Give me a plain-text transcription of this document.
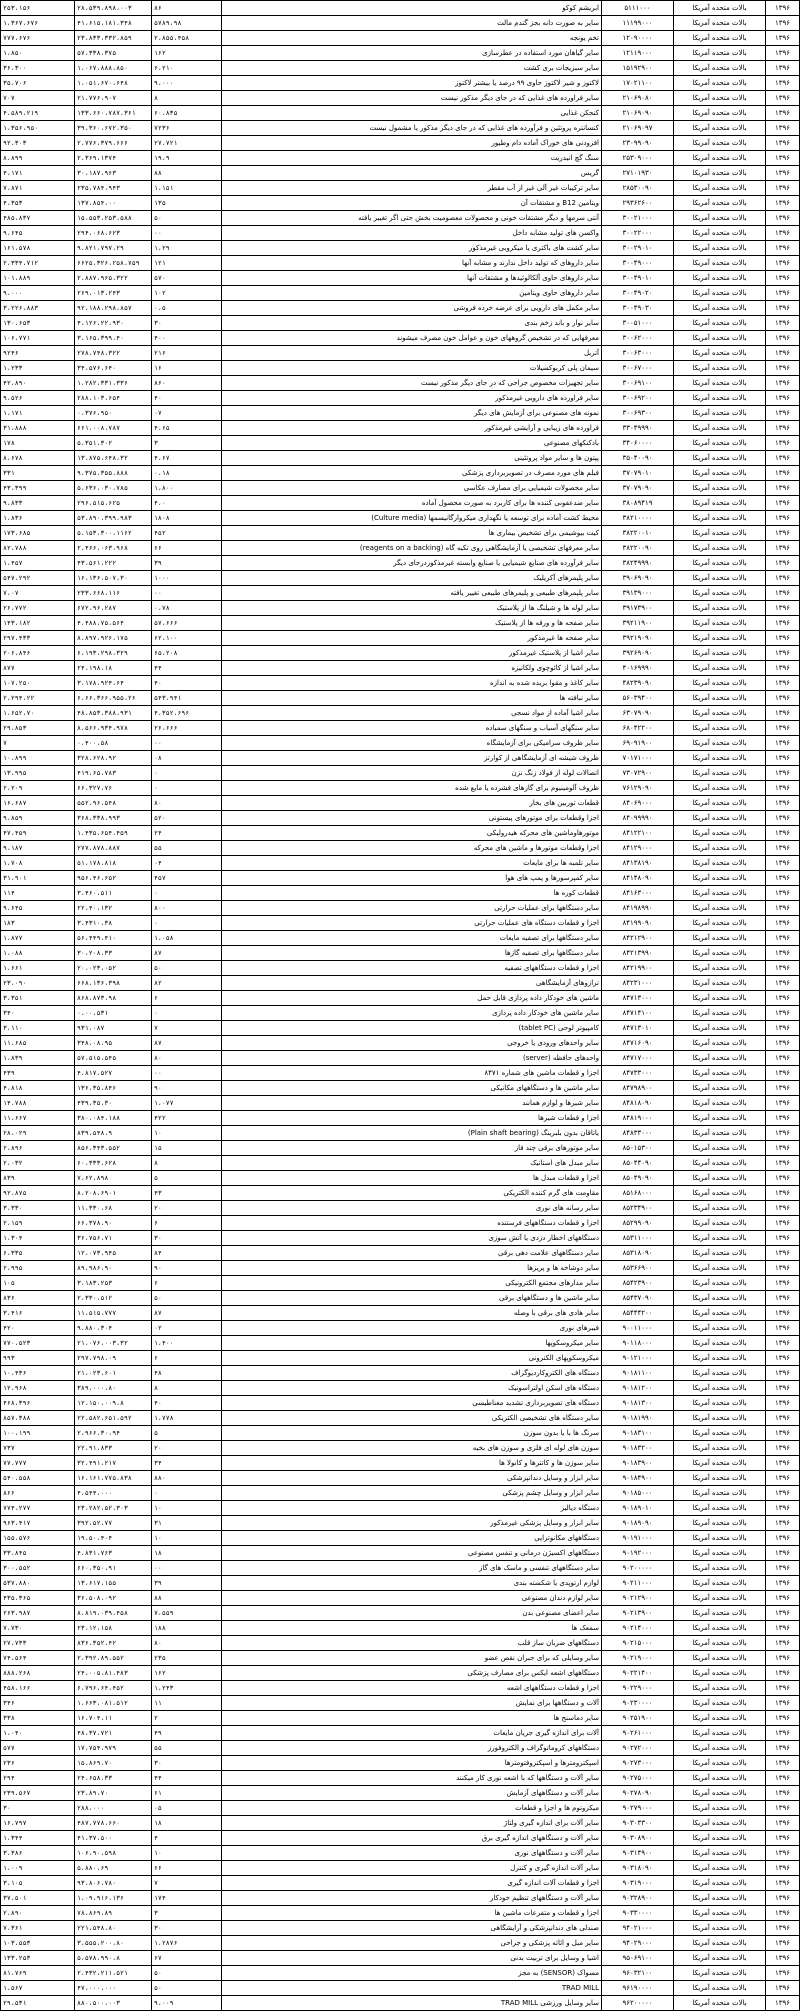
۱۳۹۶	بالات متحده آمریکا	۵۱۱۱۰۰۰	ابریشم کوکو	۸۶	۲۸،۵۳۹،۸۹۸،۰۰۳	۲۵۳،۱۵۶
۱۳۹۶	بالات متحده آمریکا	۱۱۱۹۹۰۰۰	سایر به صورت دانه بجز گندم مالت	۵۷۸۹،۹۸	۴۱،۶۱۵،۱۸۱،۳۴۸	۱،۳۶۷،۶۷۶
۱۳۹۶	بالات متحده آمریکا	۱۲۰۹۰۰۰۰	تخم یونجه	۲،۸۵۵،۴۵۸	۲۳،۸۳۳،۳۳۲،۸۵۹	۷۷۷،۶۷۶
۱۳۹۶	بالات متحده آمریکا	۱۲۱۱۹۰۰۰	سایر گیاهان مورد استفاده در عطرسازی	۱۶۲	۵۷،۳۳۸،۳۷۵	۱،۸۵۰
۱۳۹۶	بالات متحده آمریکا	۱۵۱۹۲۹۰۰	سایر سبزیجات بری کشت	۶،۲۱۰	۱،۰۶۷،۸۸۸،۸۵۰	۳۶،۳۰۰
۱۳۹۶	بالات متحده آمریکا	۱۷۰۲۱۱۰۰	لاکتوز و شیر لاکتوز حاوی ۹۹ درصد یا بیشتر لاکتوز	۹،۰۰۰	۱،۰۵۱،۶۷۰،۶۴۸	۳۵،۷۰۶
۱۳۹۶	بالات متحده آمریکا	۲۱۰۶۹۰۸۰	سایر فراورده های غذایی که در جای دیگر مذکور نیست	۸	۲۱،۷۷۶،۹۰۷	۷۰۷
۱۳۹۶	بالات متحده آمریکا	۲۱۰۶۹۰۹۰	کنجکن غذایی	۶۰،۸۳۵	۱۳۳،۶۶۰،۷۸۷،۳۶۱	۴،۵۸۹،۲۱۹
۱۳۹۶	بالات متحده آمریکا	۲۱۰۶۹۰۹۷	کنسانتره پروتئین و فرآورده های غذایی که در جای دیگر مذکور یا مشمول نیست	۷۲۳۶	۳۹،۳۶۰،۶۷۲،۳۵۰	۱،۳۵۶،۹۵۰
۱۳۹۶	بالات متحده آمریکا	۲۳۰۹۹۰۹۰	افزودنی های خوراک آماده دام وطیور	۲۷،۷۲۱	۲،۷۷۶،۳۷۹،۶۶۶	۹۲،۳۰۳
۱۳۹۶	بالات متحده آمریکا	۲۵۳۰۹۰۰۰	سنگ گچ انیدریت	۱۹،۹	۲،۳۶۹،۱۳۷۴	۸،۸۹۹
۱۳۹۶	بالات متحده آمریکا	۲۷۱۰۱۹۳۰	گریس	۸۸	۳۰،۱۸۷،۹۶۳	۴،۱۷۱
۱۳۹۶	بالات متحده آمریکا	۲۸۵۳۰۰۹۰	سایر ترکیبات غیر آلی غیر از آب مقطر	۱،۱۵۱	۲۳۵،۷۸۴،۹۴۳	۷،۸۷۱
۱۳۹۶	بالات متحده آمریکا	۲۹۳۶۲۶۰۰	ویتامین B12 و مشتقات آن	۱۳۵	۱۳۷،۸۵۴،۰۰	۴،۳۵۳
۱۳۹۶	بالات متحده آمریکا	۳۰۰۲۱۰۰۰	آنتی سرمها و دیگر مشتقات خونی و محصولات معصومیت بخش حتی اگر تغییر یافته	۵۰	۱۵،۵۵۳،۲۵۳،۵۸۸	۴۸۵،۸۳۷
۱۳۹۶	بالات متحده آمریکا	۳۰۰۲۲۰۰۰	واکسن های تولید مشابه داخل	۰۰	۲۹۴،۰۶۸،۶۲۳	۹،۶۴۵
۱۳۹۶	بالات متحده آمریکا	۳۰۰۲۹۰۱۰	سایر کشت های باکتری یا میکروبی غیرمذکور	۱،۲۹	۹،۸۲۱،۷۹۷،۲۹	۱۶۱،۵۷۸
۱۳۹۶	بالات متحده آمریکا	۳۰۰۴۹۰۰۰	سایر داروهای که تولید داخل ندارند و مشابه آنها	۱۲۱	۶۶۲۵،۳۲۶،۲۵۸،۷۵۹	۲،۳۳۴،۷۱۲
۱۳۹۶	بالات متحده آمریکا	۳۰۰۴۹۰۱۰	سایر داروهای حاوی آلکالوئیدها و مشتقات آنها	۵۷۰	۲،۸۸۷،۹۶۵،۳۲۲	۱۰۱،۸۸۹
۱۳۹۶	بالات متحده آمریکا	۳۰۰۴۹۰۲۰	سایر داروهای حاوی ویتامین	۱۰۲	۲۶۹،۰۱۳،۲۴۳	۹،۰۰۰
۱۳۹۶	بالات متحده آمریکا	۳۰۰۴۹۰۳۰	سایر مکمل های دارویی برای عرضه خرده فروشی	۰،۵	۹۲،۱۸۸،۲۹۸،۸۵۷	۳،۲۲۶،۸۸۳
۱۳۹۶	بالات متحده آمریکا	۳۰۰۵۱۰۰۰	سایر نوار و باند زخم بندی	۳۰	۴،۱۲۶،۲۲،۹۳۰	۱۳۰،۶۵۳
۱۳۹۶	بالات متحده آمریکا	۳۰۰۶۲۰۰۰	معرفهایی که در تشخیص گروههای خون و عوامل خون مصرف میشوند	۴۰۰	۳،۱۶۵،۳۹۹،۴۰	۱۰۶،۷۷۱
۱۳۹۶	بالات متحده آمریکا	۳۰۰۶۳۰۰۰	آتریل	۲۱۶	۲۷۸،۷۴۸،۳۲۲	۹۲۴۶
۱۳۹۶	بالات متحده آمریکا	۳۰۰۶۷۰۰۰	سیمان پلی کربوکسیلات	۱۶	۳۴،۵۷۶،۶۴۰	۱،۲۳۳
۱۳۹۶	بالات متحده آمریکا	۳۰۰۶۹۱۰۰	سایر تجهیزات مخصوص جراحی که در جای دیگر مذکور نیست	۸۶۰	۱،۲۸۲،۳۳۱،۳۳۶	۴۲،۸۹۰
۱۳۹۶	بالات متحده آمریکا	۳۰۰۶۹۲۰۰	سایر فراورده های دارویی غیرمذکور	۴۰	۲۸۸،۱۰۳،۶۵۴	۹،۵۲۶
۱۳۹۶	بالات متحده آمریکا	۳۰۰۶۹۳۰۰	نمونه های مصنوعی برای آزمایش های دیگر	۰۷	۰،۳۷۶،۹۵۰	۱،۱۷۱
۱۳۹۶	بالات متحده آمریکا	۳۳۰۴۹۹۹۰	فراورده های زیبایی و آرایشی غیرمذکور	۴،۶۵	۶۶۱،۰۰۸،۷۸۷	۳۱،۸۸۸
۱۳۹۶	بالات متحده آمریکا	۳۴۰۶۰۰۰۰	بادکنکهای مصنوعی	۳	۵،۳۵۱،۳۰۲	۱۷۸
۱۳۹۶	بالات متحده آمریکا	۳۵۰۴۰۰۹۰	پپتون ها و سایر مواد پروتئینی	۴،۶۷	۱۳،۸۷۵،۶۴۸،۳۲	۸،۶۷۸
۱۳۹۶	بالات متحده آمریکا	۳۷۰۷۹۰۱۰	فیلم های مورد مصرف در تصویربرداری پزشکی	۰،۱۸	۹،۳۷۵،۳۵۵،۸۸۸	۳۳۱
۱۳۹۶	بالات متحده آمریکا	۳۷۰۷۹۰۹۰	سایر محصولات شیمیایی برای مصارف عکاسی	۱،۸۰۰	۵،۶۳۶،۰۳۰،۷۸۵	۴۳،۳۹۹
۱۳۹۶	بالات متحده آمریکا	۳۸۰۸۹۴۱۹	سایر ضدعفونی کننده ها برای کاربرد به صورت محصول آماده	۴،۰	۲۹۶،۵۱۵،۶۲۵	۹،۸۳۳
۱۳۹۶	بالات متحده آمریکا	۳۸۲۱۰۰۰۰	محیط کشت آماده برای توسعه یا نگهداری میکروارگانیسمها (Culture media)	۱۸۰۸	۵۳،۸۹۰،۳۹۹،۹۸۳	۱،۸۳۶
۱۳۹۶	بالات متحده آمریکا	۳۸۲۲۰۰۱۰	کیت بیوشیمی برای تشخیص بیماری ها	۴۵۲	۵،۱۵۳،۳۰۰،۱۱۶۲	۱۷۳،۶۸۵
۱۳۹۶	بالات متحده آمریکا	۳۸۲۲۰۰۹۰	سایر معرفهای تشخیصی یا آزمایشگاهی روی تکیه گاه (reagents on a backing)	۶۶	۲،۴۶۶،۰۶۳،۹۶۸	۸۲،۷۸۸
۱۳۹۶	بالات متحده آمریکا	۳۸۲۴۹۹۹۰	سایر فرآورده های صنایع شیمیایی یا صنایع وابسته غیرمذکوردرجای دیگر	۳۹	۴۳،۵۶۱،۲۲۲	۱،۴۵۷
۱۳۹۶	بالات متحده آمریکا	۳۹۰۶۹۰۹۰	سایر پلیمرهای آکریلیک	۱۰۰۰	۱۶،۱۳۶،۵۰۷،۳۰	۵۴۷،۲۹۲
۱۳۹۶	بالات متحده آمریکا	۳۹۱۳۹۰۰۰	سایر پلیمرهای طبیعی و پلیمرهای طبیعی تغییر یافته	۰۰	۲۳۳،۶۶۸،۱۱۶	۷،۰۷
۱۳۹۶	بالات متحده آمریکا	۳۹۱۷۳۹۰۰	سایر لوله ها و شیلنگ ها از پلاستیک	۰،۷۸	۶۷۲،۹۶،۲۸۷	۲۶،۷۷۲
۱۳۹۶	بالات متحده آمریکا	۳۹۲۱۱۹۰۰	سایر صفحه ها و ورقه ها از پلاستیک	۵۷،۶۶۶	۴،۴۸۸،۷۵،۵۶۴	۱۴۳،۱۸۲
۱۳۹۶	بالات متحده آمریکا	۳۹۲۱۹۰۹۰	سایر صفحه ها غیرمذکور	۶۲،۱۰۰	۸،۸۹۷،۹۲۶،۱۷۵	۲۹۷،۴۳۳
۱۳۹۶	بالات متحده آمریکا	۳۹۲۶۹۰۹۰	سایر اشیا از پلاستیک غیرمذکور	۶۵،۲۰۸	۶،۱۹۳،۲۹۸،۳۲۹	۲۰۶،۸۴۶
۱۳۹۶	بالات متحده آمریکا	۴۰۱۶۹۹۹۰	سایر اشیا از کائوچوی ولکانیزه	۴۴	۲۴،۱۹۸،۱۸	۸۷۷
۱۳۹۶	بالات متحده آمریکا	۴۸۲۳۹۰۹۰	سایر کاغذ و مقوا بریده شده به اندازه	۴۰	۳،۱۷۸،۹۲۴،۶۴	۱۰۷،۲۵۰
۱۳۹۶	بالات متحده آمریکا	۵۶۰۳۹۴۰۰	سایر نبافته ها	۵۴۳،۹۴۱	۶،۶۶،۳۶۶،۹۵۵،۲۶	۲،۲۹۴،۲۲
۱۳۹۶	بالات متحده آمریکا	۶۳۰۷۹۰۹۰	سایر اشیا آماده از مواد نسجی	۴،۳۵۲،۶۹۶	۴۸،۸۵۳،۳۸۸،۹۳۱	۱،۶۵۲،۷۰
۱۳۹۶	بالات متحده آمریکا	۶۸۰۴۲۲۰۰	سایر سنگهای آسیاب و سنگهای سمباده	۲۶،۶۶۶	۸،۵۶۶،۹۳۴،۹۷۸	۲۹،۸۵۳
۱۳۹۶	بالات متحده آمریکا	۶۹۰۹۱۹۰۰	سایر ظروف سرامیکی برای آزمایشگاه	۰۰	۰،۴۰۰،۵۸	۷
۱۳۹۶	بالات متحده آمریکا	۷۰۱۷۱۰۰۰	ظروف شیشه ای آزمایشگاهی از کوارتز	۰۸	۳۲۸،۶۲۸،۹۲	۱۰،۸۹۹
۱۳۹۶	بالات متحده آمریکا	۷۳۰۷۲۹۰۰	اتصالات لوله از فولاد زنگ نزن	۰	۴۱۹،۶۵،۷۸۳	۱۳،۹۹۵
۱۳۹۶	بالات متحده آمریکا	۷۶۱۲۹۰۹۰	ظروف آلومینیوم برای گازهای فشرده یا مایع شده	۰	۶۶،۳۲۷،۷۶	۲،۲۰۹
۱۳۹۶	بالات متحده آمریکا	۸۴۰۶۹۰۰۰	قطعات توربین های بخار	۸۰	۵۵۲،۹۶،۵۴۸	۱۶،۶۸۷
۱۳۹۶	بالات متحده آمریکا	۸۴۰۹۹۹۹۰	اجزا وقطعات برای موتورهای پیستونی	۵۲۰	۳۶۸،۳۳۸،۹۹۳	۹،۸۵۹
۱۳۹۶	بالات متحده آمریکا	۸۴۱۲۲۱۰۰	موتورهاوماشین های محرکه هیدرولیکی	۲۴	۱،۴۳۵،۶۵۴،۴۵۹	۴۷،۴۵۹
۱۳۹۶	بالات متحده آمریکا	۸۴۱۲۹۰۰۰	اجزا وقطعات موتورها و ماشین های محرکه	۵۵	۲۷۷،۸۷۸،۸۸۷	۹،۱۸۷
۱۳۹۶	بالات متحده آمریکا	۸۴۱۳۸۱۹۰	سایر تلمبه ها برای مایعات	۰۴	۵۱،۱۷۸،۸۱۸	۱،۷۰۸
۱۳۹۶	بالات متحده آمریکا	۸۴۱۴۸۰۹۰	سایر کمپرسورها و پمپ های هوا	۴۵۷	۹۵۶،۴۶،۶۵۲	۳۱،۹۰۱
۱۳۹۶	بالات متحده آمریکا	۸۴۱۶۳۰۰۰	قطعات کوره ها	۰	۳،۴۶۰،۵۱۱	۱۱۴
۱۳۹۶	بالات متحده آمریکا	۸۴۱۹۸۹۹۰	سایر دستگاهها برای عملیات حرارتی	۸۰۰	۲۲،۴۰،۱۳۲	۹،۶۴۵
۱۳۹۶	بالات متحده آمریکا	۸۴۱۹۹۰۹۰	اجزا و قطعات دستگاه های عملیات حرارتی	۰	۳،۴۳۱۰،۳۸	۱۸۳
۱۳۹۶	بالات متحده آمریکا	۸۴۲۱۲۹۰۰	سایر دستگاهها برای تصفیه مایعات	۱،۰۵۸	۵۶،۴۴۹،۴۱۰	۱،۸۷۷
۱۳۹۶	بالات متحده آمریکا	۸۴۲۱۳۹۹۰	سایر دستگاهها برای تصفیه گازها	۸۷	۳۰،۲۰۸،۳۳	۱،۰۸۸
۱۳۹۶	بالات متحده آمریکا	۸۴۲۱۹۹۰۰	اجزا و قطعات دستگاههای تصفیه	۵۰	۲۰،۰۲۳،۰۵۲	۱،۶۶۱
۱۳۹۶	بالات متحده آمریکا	۸۴۲۳۱۰۰۰	ترازوهای آزمایشگاهی	۸۲	۶۶۸،۱۳۶،۳۹۸	۲۳،۰۹۰
۱۳۹۶	بالات متحده آمریکا	۸۴۷۱۳۰۰۰	ماشین های خودکار داده پردازی قابل حمل	۶	۸۶۸،۸۷۳،۹۸	۳،۳۵۱
۱۳۹۶	بالات متحده آمریکا	۸۴۷۱۴۱۰۰	سایر ماشین های خودکار داده پردازی	۰	۰،۰۰،۵۳۱	۳۴۰
۱۳۹۶	بالات متحده آمریکا	۸۴۷۱۳۰۱۰	کامپیوتر لوحی (tablet PC)	۷	۹۳۱،۰۸۷	۳،۱۱۰
۱۳۹۶	بالات متحده آمریکا	۸۴۷۱۶۰۹۰	سایر واحدهای ورودی یا خروجی	۸۷	۳۴۸،۰۸،۹۵	۱۱،۶۸۵
۱۳۹۶	بالات متحده آمریکا	۸۴۷۱۷۰۰۰	واحدهای حافظه (server)	۸۰	۵۷،۵۱۵،۵۴۵	۱،۸۳۹
۱۳۹۶	بالات متحده آمریکا	۸۴۷۳۳۰۰۰	اجزا و قطعات ماشین های شماره ۸۴۷۱	۰۰	۴،۸۱۷،۵۲۷	۴۳۹
۱۳۹۶	بالات متحده آمریکا	۸۴۷۹۸۹۰۰	سایر ماشین ها و دستگاههای مکانیکی	۹۰	۱۳۶،۳۵،۸۴۶	۴،۸۱۸
۱۳۹۶	بالات متحده آمریکا	۸۴۸۱۸۰۹۰	سایر شیرها و لوازم همانند	۱،۰۷۷	۴۳۹،۳۵،۳۰	۱۴،۷۸۸
۱۳۹۶	بالات متحده آمریکا	۸۴۸۱۹۰۰۰	اجزا و قطعات شیرها	۴۲۲	۳۸۰،۰۸۴،۱۸۸	۱۱،۶۶۷
۱۳۹۶	بالات متحده آمریکا	۸۴۸۳۳۰۰۰	یاتاقان بدون بلبرینگ (Plain shaft bearing)	۱۰	۸۳۹،۵۴۸،۹	۲۸،۰۲۹
۱۳۹۶	بالات متحده آمریکا	۸۵۰۱۵۳۰۰	سایر موتورهای برقی چند فاز	۱۵	۸۵۶،۳۴۳،۵۵۲	۲،۸۹۶
۱۳۹۶	بالات متحده آمریکا	۸۵۰۴۴۰۹۰	سایر مبدل های استاتیک	۸	۶۰،۳۳۳،۶۲۸	۲،۰۳۲
۱۳۹۶	بالات متحده آمریکا	۸۵۰۴۹۰۹۰	اجزا و قطعات مبدل ها	۵	۷،۶۲،۸۹۸	۸۳۹
۱۳۹۶	بالات متحده آمریکا	۸۵۱۶۸۰۰۰	مقاومت های گرم کننده الکتریکی	۴۳	۸،۲۰۸،۶۹۰۱	۹۲،۸۷۵
۱۳۹۶	بالات متحده آمریکا	۸۵۲۳۴۹۰۰	سایر رسانه های نوری	۲۰	۱۱،۳۳۰،۶۸	۳،۳۳۰
۱۳۹۶	بالات متحده آمریکا	۸۵۲۹۹۰۹۰	اجزا و قطعات دستگاههای فرستنده	۶	۶۶،۳۷۸،۹۰	۲،۱۵۹
۱۳۹۶	بالات متحده آمریکا	۸۵۳۱۱۰۰۰	دستگاههای اخطار دزدی یا آتش سوزی	۳۰	۳۶،۷۵۶،۷۱	۱،۳۰۴
۱۳۹۶	بالات متحده آمریکا	۸۵۳۱۸۰۹۰	سایر دستگاههای علامت دهی برقی	۸۴	۱۲،۰۷۳،۹۴۵	۶،۳۳۵
۱۳۹۶	بالات متحده آمریکا	۸۵۳۶۶۹۰۰	سایر دوشاخه ها و پریزها	۹۰	۸۹،۹۸۶،۹۰	۲،۹۹۵
۱۳۹۶	بالات متحده آمریکا	۸۵۴۲۳۹۰۰	سایر مدارهای مجتمع الکترونیکی	۶	۳،۱۸۳،۲۵۳	۱۰۵
۱۳۹۶	بالات متحده آمریکا	۸۵۴۳۷۰۹۰	سایر ماشین ها و دستگاههای برقی	۵۰	۲،۳۳۰،۵۱۲	۸۳۶
۱۳۹۶	بالات متحده آمریکا	۸۵۴۴۴۲۰۰	سایر هادی های برقی با وصله	۸۷	۱۱،۵۱۵،۷۷۷	۳،۴۱۶
۱۳۹۶	بالات متحده آمریکا	۹۰۰۱۱۰۰۰	فیبرهای نوری	۰۲	۹،۸۸۰،۳۰۴	۴۲۰
۱۳۹۶	بالات متحده آمریکا	۹۰۱۱۸۰۰۰	سایر میکروسکوپها	۱،۴۰۰	۲۱،۰۷۶،۰۰۳،۳۲	۷۷۰،۵۲۳
۱۳۹۶	بالات متحده آمریکا	۹۰۱۲۱۰۰۰	میکروسکوپهای الکترونی	۶	۲۹۷،۷۹۸،۰۹	۹۹۳
۱۳۹۶	بالات متحده آمریکا	۹۰۱۸۱۱۰۰	دستگاه های الکتروکاردیوگراف	۴۸	۲۱،۰۲۳،۶۰۱	۱۰،۴۳۶
۱۳۹۶	بالات متحده آمریکا	۹۰۱۸۱۲۰۰	دستگاه های اسکن اولتراسونیک	۸	۳۸۹،۰۰۰،۸۰	۱۲،۹۶۸
۱۳۹۶	بالات متحده آمریکا	۹۰۱۸۱۳۰۰	دستگاه های تصویربرداری تشدید مغناطیسی	۴۰	۱۲،۱۵۰،۰۰۹،۸	۴۶۸،۳۹۶
۱۳۹۶	بالات متحده آمریکا	۹۰۱۸۱۹۹۰	سایر دستگاه های تشخیصی الکتریکی	۱،۷۷۸	۲۲،۵۸۲،۶۵۱،۵۹۲	۸۵۷،۳۸۸
۱۳۹۶	بالات متحده آمریکا	۹۰۱۸۳۱۰۰	سرنگ ها با یا بدون سوزن	۵	۲،۹۶۶،۳۰،۹۴	۱۰۰،۱۹۹
۱۳۹۶	بالات متحده آمریکا	۹۰۱۸۳۲۰۰	سوزن های لوله ای فلزی و سوزن های بخیه	۲۰	۲۲،۹۱،۸۳۳	۷۳۷
۱۳۹۶	بالات متحده آمریکا	۹۰۱۸۳۹۰۰	سایر سوزن ها و کاتترها و کانولا ها	۳۴	۳۲،۴۹۱،۲۱۷	۷۷،۷۷۷
۱۳۹۶	بالات متحده آمریکا	۹۰۱۸۴۹۰۰	سایر ابزار و وسایل دندانپزشکی	۸۸۰	۱۶،۱۶۱،۷۷۵،۸۳۸	۵۴۰،۵۵۸
۱۳۹۶	بالات متحده آمریکا	۹۰۱۸۵۰۰۰	سایر ابزار و وسایل چشم پزشکی	۰	۴،۵۴۴،۰۰۰	۸۶۶
۱۳۹۶	بالات متحده آمریکا	۹۰۱۸۹۰۱۰	دستگاه دیالیز	۱۰	۲۳،۲۸۲،۵۲،۳۰۳	۷۷۴،۲۷۷
۱۳۹۶	بالات متحده آمریکا	۹۰۱۸۹۰۹۰	سایر ابزار و وسایل پزشکی غیرمذکور	۳۱	۳۹۲،۵۲،۷۷	۹۶۳،۴۱۷
۱۳۹۶	بالات متحده آمریکا	۹۰۱۹۱۰۰۰	دستگاههای مکانوتراپی	۱۰	۱۹،۵۰،۴۰۴	۱۵۵،۵۷۶
۱۳۹۶	بالات متحده آمریکا	۹۰۱۹۲۰۰۰	دستگاههای اکسیژن درمانی و تنفس مصنوعی	۱۸	۴،۸۳۱،۷۶۳	۳۳،۸۴۵
۱۳۹۶	بالات متحده آمریکا	۹۰۲۰۰۰۰۰	سایر دستگاههای تنفسی و ماسک های گاز	۰۰	۶۶۰،۳۵۰،۹۱	۳۰۰،۵۵۲
۱۳۹۶	بالات متحده آمریکا	۹۰۲۱۱۰۰۰	لوازم ارتوپدی یا شکسته بندی	۳۹	۱۳،۶۱۷،۱۵۵	۵۳۷،۸۸۰
۱۳۹۶	بالات متحده آمریکا	۹۰۲۱۲۹۰۰	سایر لوازم دندان مصنوعی	۸۸	۳۶،۵۰۸،۰۹۲	۴۳۵،۳۶۵
۱۳۹۶	بالات متحده آمریکا	۹۰۲۱۳۹۰۰	سایر اعضای مصنوعی بدن	۷،۵۵۹	۸،۸۱۹،۰۳۹،۴۵۸	۲۶۳،۹۸۷
۱۳۹۶	بالات متحده آمریکا	۹۰۲۱۴۰۰۰	سمعک ها	۱۸۸	۲۳،۱۲،۱۵۸	۷،۷۳۰
۱۳۹۶	بالات متحده آمریکا	۹۰۲۱۵۰۰۰	دستگاههای ضربان ساز قلب	۸۰	۸۳۶،۳۵۲،۴۲	۲۷،۷۳۳
۱۳۹۶	بالات متحده آمریکا	۹۰۲۱۹۰۰۰	سایر وسایلی که برای جبران نقص عضو	۲۳۵	۲،۳۹۲،۸۹،۵۵۲	۷۴،۵۶۴
۱۳۹۶	بالات متحده آمریکا	۹۰۲۲۱۴۰۰	دستگاههای اشعه ایکس برای مصارف پزشکی	۱۶۲	۲۴،۰۰۵،۸۱،۴۸۳	۸۸۸،۲۶۸
۱۳۹۶	بالات متحده آمریکا	۹۰۲۲۹۰۰۰	اجزا و قطعات دستگاههای اشعه	۱،۲۴۳	۶،۷۹۶،۶۴،۴۵۲	۴۵۸،۱۶۶
۱۳۹۶	بالات متحده آمریکا	۹۰۲۳۰۰۰۰	آلات و دستگاهها برای نمایش	۱۱	۱،۶۶۳،۰۸۱،۵۱۲	۳۴۶
۱۳۹۶	بالات متحده آمریکا	۹۰۲۵۱۹۰۰	سایر دماسنج ها	۲	۱۶،۷۰۴،۱۱	۳۳۸
۱۳۹۶	بالات متحده آمریکا	۹۰۲۶۱۰۰۰	آلات برای اندازه گیری جریان مایعات	۴۹	۴۸،۳۷،۷۲۱	۱،۰۴۰
۱۳۹۶	بالات متحده آمریکا	۹۰۲۷۲۰۰۰	دستگاههای کروماتوگراف و الکتروفورز	۵۵	۱۷،۷۵۴،۹۷۹	۵۷۷
۱۳۹۶	بالات متحده آمریکا	۹۰۲۷۳۰۰۰	اسپکترومترها و اسپکتروفتومترها	۳۰	۱۵،۸۶۹،۷۰	۲۳۶
۱۳۹۶	بالات متحده آمریکا	۹۰۲۷۵۰۰۰	سایر آلات و دستگاهها که با اشعه نوری کار میکنند	۴۴	۲۴،۶۵۸،۳۳	۲۹۴
۱۳۹۶	بالات متحده آمریکا	۹۰۲۷۸۰۹۰	سایر آلات و دستگاههای آزمایش	۶۱	۲۳،۸۹،۷۰	۲۳۹،۵۶۷
۱۳۹۶	بالات متحده آمریکا	۹۰۲۷۹۰۰۰	میکروتوم ها و اجزا و قطعات	۰۵	۲۸۸،۰۰۰	۳۰
۱۳۹۶	بالات متحده آمریکا	۹۰۳۰۳۳۰۰	سایر آلات برای اندازه گیری ولتاژ	۱۸	۴۸۷،۷۷۸،۶۶۰	۱۶،۷۹۷
۱۳۹۶	بالات متحده آمریکا	۹۰۳۰۸۹۰۰	سایر آلات و دستگاههای اندازه گیری برق	۴	۴۱،۳۷،۵۰۰	۱،۳۴۴
۱۳۹۶	بالات متحده آمریکا	۹۰۳۱۴۹۰۰	سایر آلات و دستگاههای نوری	۱۰	۱۰۶،۹۰،۵۹۸	۳،۳۸۶
۱۳۹۶	بالات متحده آمریکا	۹۰۳۱۸۰۹۰	سایر آلات اندازه گیری و کنترل	۶۶	۵،۸۸۰،۶۹	۱،۰۰۹
۱۳۹۶	بالات متحده آمریکا	۹۰۳۱۹۰۰۰	اجزا و قطعات آلات اندازه گیری	۷	۹۳،۸۰۶،۷۸۰	۳،۱۰۵
۱۳۹۶	بالات متحده آمریکا	۹۰۳۲۸۹۰۰	سایر آلات و دستگاههای تنظیم خودکار	۱۷۴	۱،۰۹،۹۱۶،۱۳۶	۳۷،۵۰۱
۱۳۹۶	بالات متحده آمریکا	۹۰۳۳۰۰۰۰	اجزا و قطعات و متفرعات ماشین ها	۳	۷۸،۸۶۹،۸۹	۲،۸۹۰
۱۳۹۶	بالات متحده آمریکا	۹۴۰۲۱۰۰۰	صندلی های دندانپزشکی و آرایشگاهی	۳۰	۲۲۱،۵۴۸،۸۰	۷،۳۶۱
۱۳۹۶	بالات متحده آمریکا	۹۴۰۲۹۰۰۰	سایر مبل و اثاثه پزشکی و جراحی	۱،۲۸۷۶	۳،۵۵۵،۲۰۰،۸۰	۱۰۳،۵۵۳
۱۳۹۶	بالات متحده آمریکا	۹۵۰۶۹۱۰۰	اشیا و وسایل برای تربیت بدنی	۶۷	۵،۵۷۸،۹۹۰،۸	۱۳۳،۲۵۳
۱۳۹۶	بالات متحده آمریکا	۹۶۰۳۲۱۰۰	مسواک (SENSOR) به مجز	۵۰	۲،۴۳۲،۲۱۱،۵۲۱	۸۱،۷۶۹
۱۳۹۶	بالات متحده آمریکا	۹۶۱۹۰۰۰۰	TRAD MILL	۵۰	۴۷،۰۰۰،۰۰۰	۱،۵۶۷
۱۳۹۶	بالات متحده آمریکا	۹۶۲۰۰۰۰۰	سایر وسایل ورزشی TRAD MILL	۹،۰۰۹	۸۸۰،۵۰۰،۰۰۳	۲۹،۵۳۱
